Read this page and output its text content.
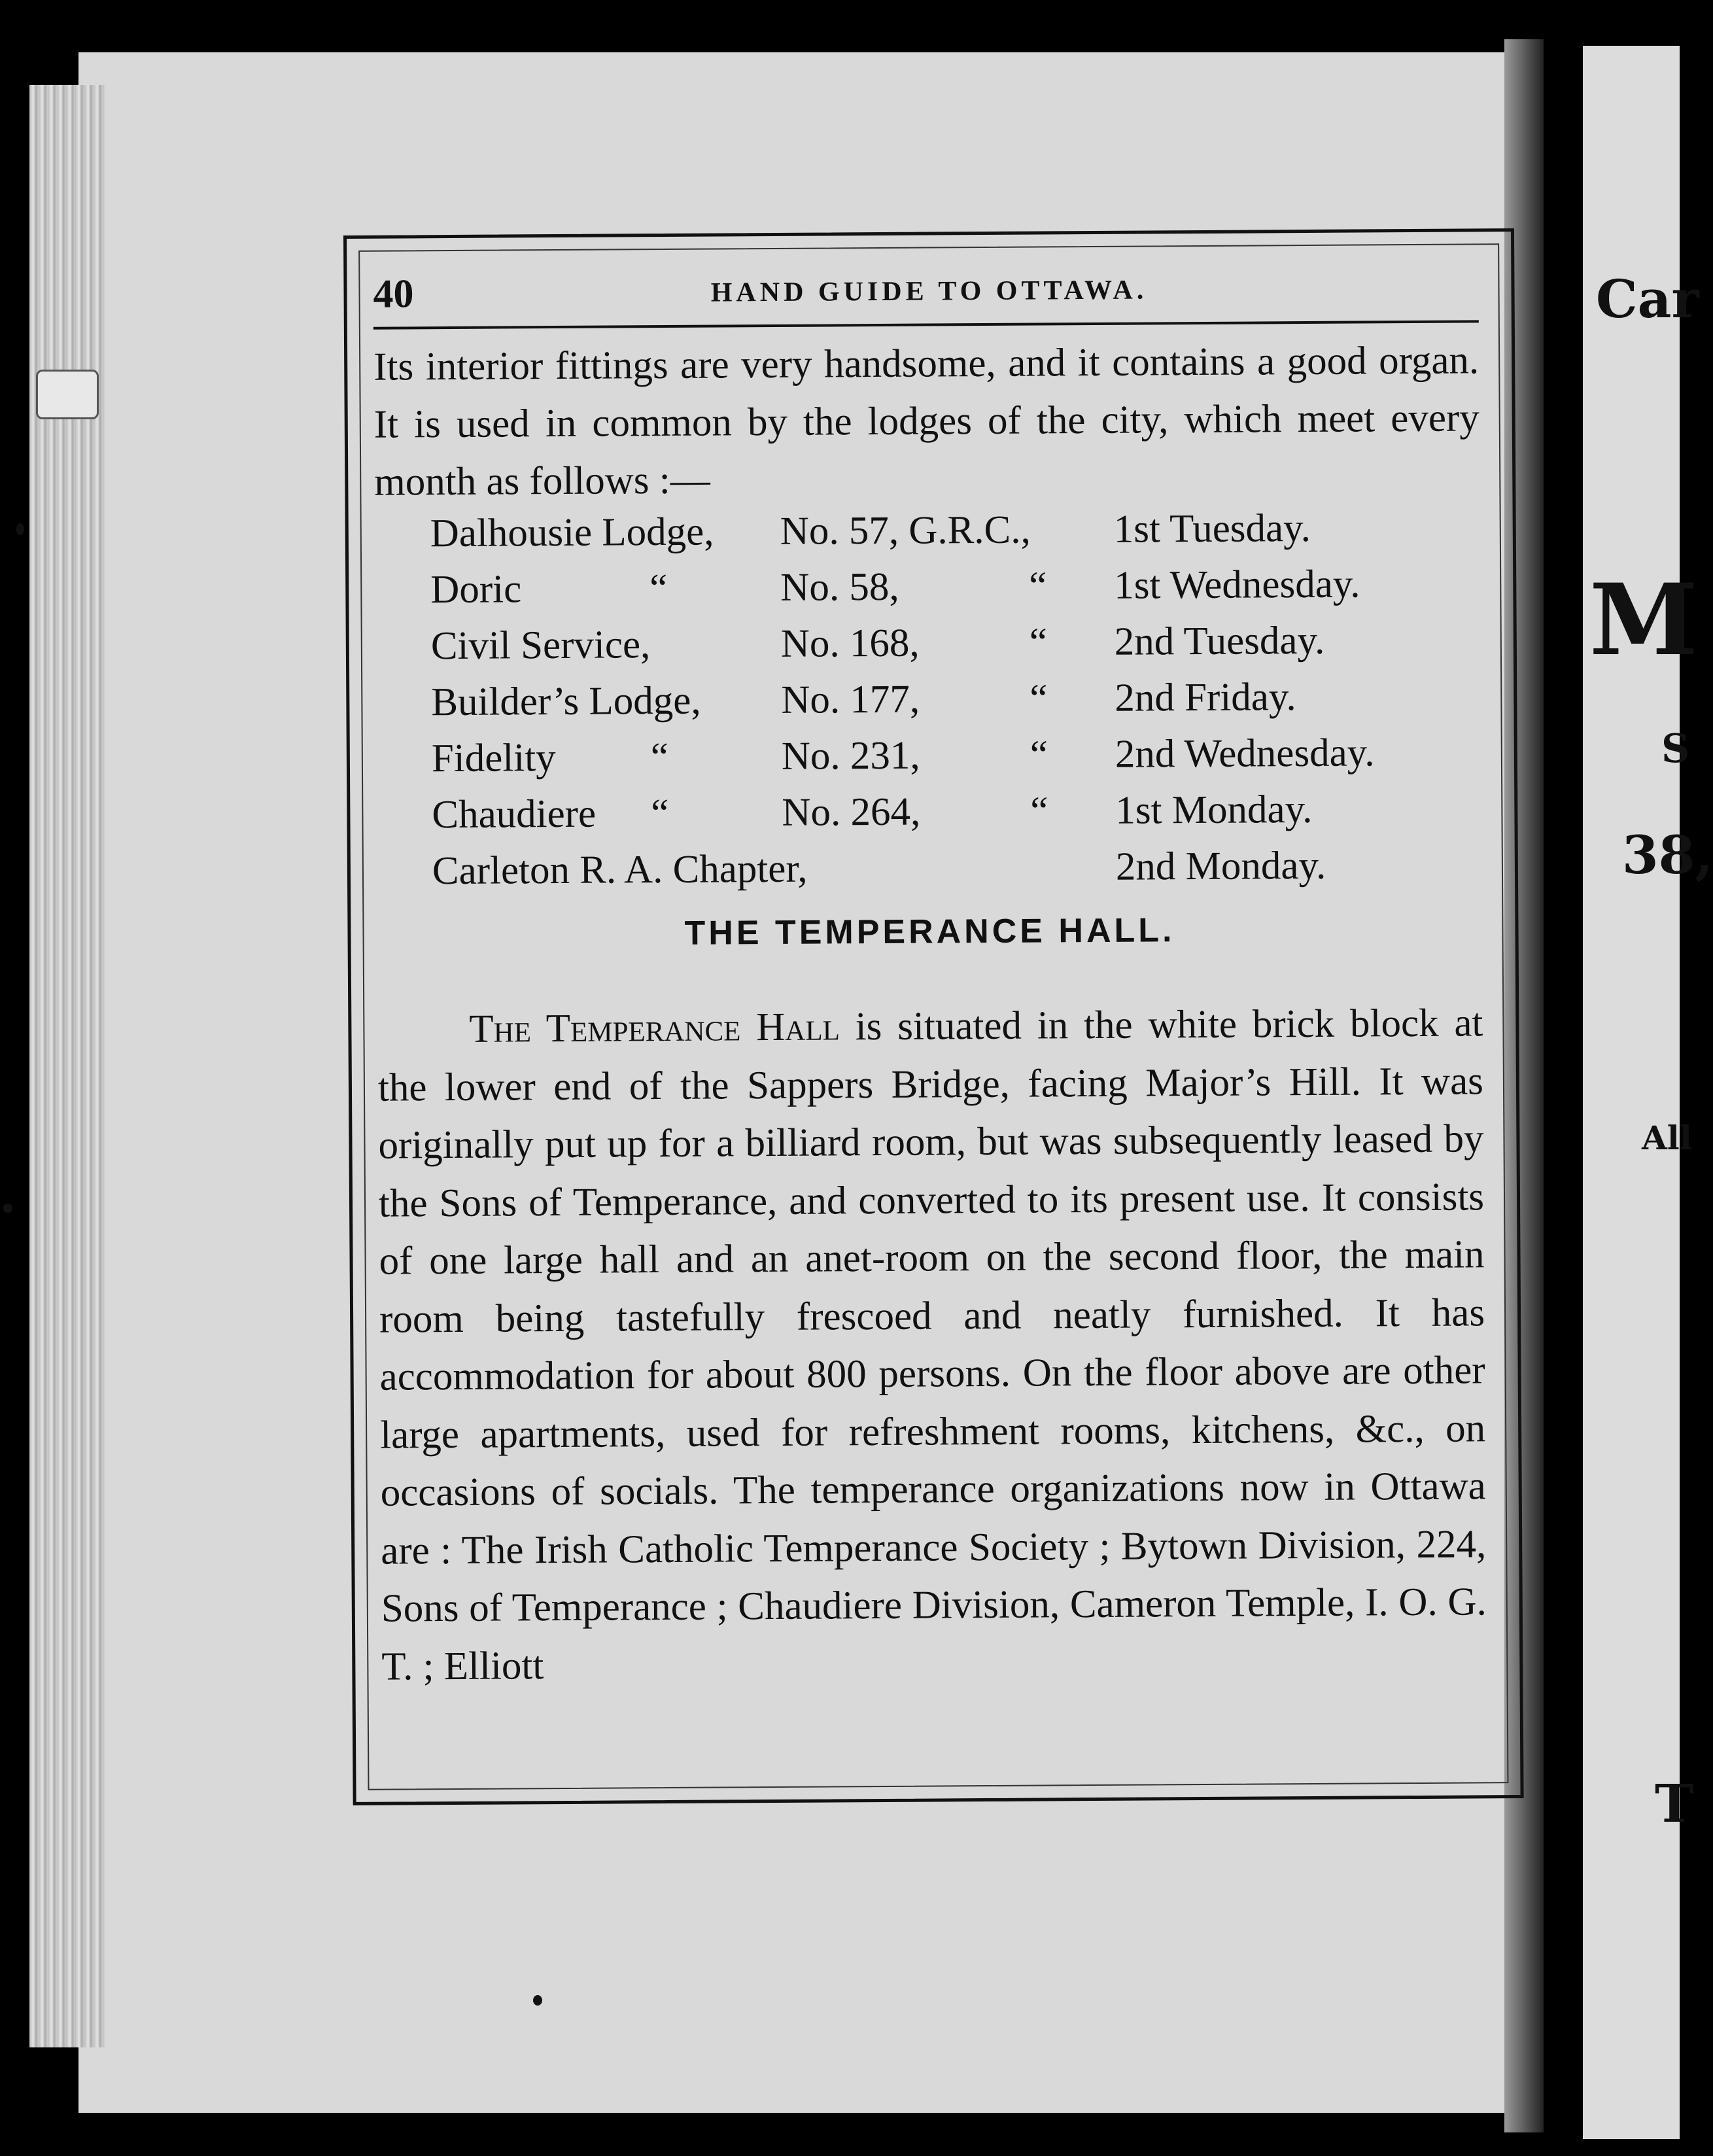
Car
M
S
38,
All
T
40	HAND GUIDE TO OTTAWA.

Its interior fittings are very handsome, and it contains a good organ. It is used in common by the lodges of the city, which meet every month as follows :—

Dalhousie Lodge, No. 57, G.R.C., 1st Tuesday.
Doric	“	No. 58,	“ 1st Wednesday.
Civil Service,	No. 168,	“ 2nd Tuesday.
Builder’s Lodge, No. 177,	“ 2nd Friday.
Fidelity “	No. 231,	“ 2nd Wednesday.
Chaudiere “	No. 264,	“ 1st Monday.
Carleton R. A. Chapter,	2nd Monday.
THE TEMPERANCE HALL.

The Temperance Hall is situated in the white brick block at the lower end of the Sappers Bridge, facing Major’s Hill. It was originally put up for a billiard room, but was subsequently leased by the Sons of Temperance, and converted to its present use. It consists of one large hall and an anet-room on the second floor, the main room being tastefully frescoed and neatly furnished. It has accommodation for about 800 persons. On the floor above are other large apartments, used for refreshment rooms, kitchens, &c., on occasions of socials. The temperance organizations now in Ottawa are : The Irish Catholic Temperance Society ; Bytown Division, 224, Sons of Temperance ; Chaudiere Division, Cameron Temple, I. O. G. T. ; Elliott
